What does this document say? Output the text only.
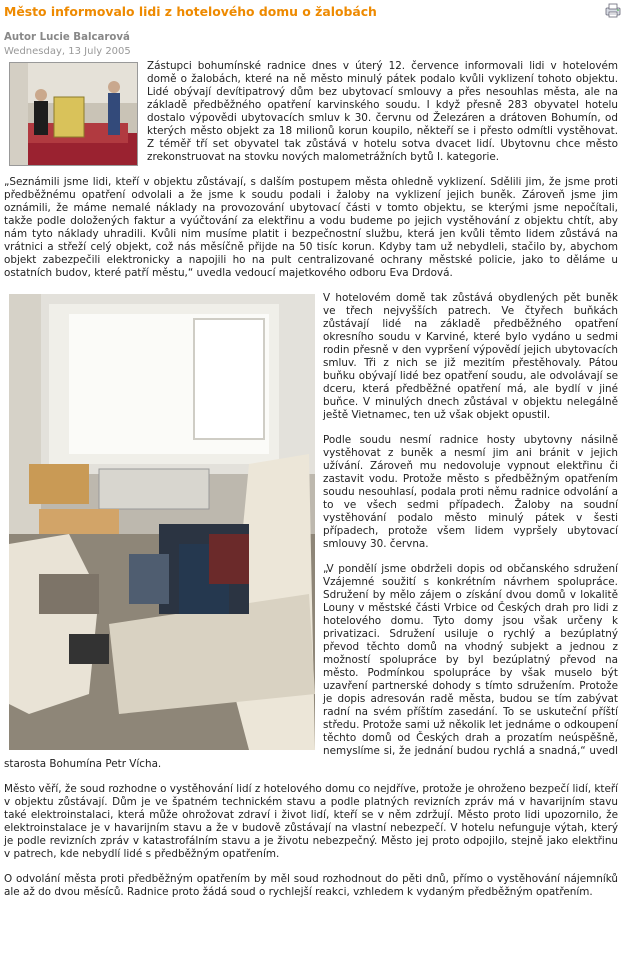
Město informovalo lidi z hotelového domu o žalobách
Autor Lucie Balcarová
Wednesday, 13 July 2005

Zástupci bohumínské radnice dnes v úterý 12. července informovali lidi v hotelovém domě o žalobách, které na ně město minulý pátek podalo kvůli vyklizení tohoto objektu. Lidé obývají devítipatrový dům bez ubytovací smlouvy a přes nesouhlas města, ale na základě předběžného opatření karvinského soudu. I když přesně 283 obyvatel hotelu dostalo výpovědi ubytovacích smluv k 30. červnu od Železáren a drátoven Bohumín, od kterých město objekt za 18 milionů korun koupilo, někteří se i přesto odmítli vystěhovat. Z téměř tří set obyvatel tak zůstává v hotelu sotva dvacet lidí. Ubytovnu chce město zrekonstruovat na stovku nových malometrážních bytů I. kategorie.

„Seznámili jsme lidi, kteří v objektu zůstávají, s dalším postupem města ohledně vyklizení. Sdělili jim, že jsme proti předběžnému opatření odvolali a že jsme k soudu podali i žaloby na vyklizení jejich buněk. Zároveň jsme jim oznámili, že máme nemalé náklady na provozování ubytovací části v tomto objektu, se kterými jsme nepočítali, takže podle doložených faktur a vyúčtování za elektřinu a vodu budeme po jejich vystěhování z objektu chtít, aby nám tyto náklady uhradili. Kvůli nim musíme platit i bezpečnostní službu, která jen kvůli těmto lidem zůstává na vrátnici a střeží celý objekt, což nás měsíčně přijde na 50 tisíc korun. Kdyby tam už nebydleli, stačilo by, abychom objekt zabezpečili elektronicky a napojili ho na pult centralizované ochrany městské policie, jako to děláme u ostatních budov, které patří městu,“ uvedla vedoucí majetkového odboru Eva Drdová.

V hotelovém domě tak zůstává obydlených pět buněk ve třech nejvyšších patrech. Ve čtyřech buňkách zůstávají lidé na základě předběžného opatření okresního soudu v Karviné, které bylo vydáno u sedmi rodin přesně v den vypršení výpovědí jejich ubytovacích smluv. Tři z nich se již mezitím přestěhovaly. Pátou buňku obývají lidé bez opatření soudu, ale odvolávají se dceru, která předběžné opatření má, ale bydlí v jiné buňce. V minulých dnech zůstával v objektu nelegálně ještě Vietnamec, ten už však objekt opustil.

Podle soudu nesmí radnice hosty ubytovny násilně vystěhovat z buněk a nesmí jim ani bránit v jejich užívání. Zároveň mu nedovoluje vypnout elektřinu či zastavit vodu. Protože město s předběžným opatřením soudu nesouhlasí, podala proti němu radnice odvolání a to ve všech sedmi případech. Žaloby na soudní vystěhování podalo město minulý pátek v šesti případech, protože všem lidem vypršely ubytovací smlouvy 30. června.

„V pondělí jsme obdrželi dopis od občanského sdružení Vzájemné soužití s konkrétním návrhem spolupráce. Sdružení by mělo zájem o získání dvou domů v lokalitě Louny v městské části Vrbice od Českých drah pro lidi z hotelového domu. Tyto domy jsou však určeny k privatizaci. Sdružení usiluje o rychlý a bezúplatný převod těchto domů na vhodný subjekt a jednou z možností spolupráce by byl bezúplatný převod na město. Podmínkou spolupráce by však muselo být uzavření partnerské dohody s tímto sdružením. Protože je dopis adresován radě města, budou se tím zabývat radní na svém příštím zasedání. To se uskuteční příští středu. Protože sami už několik let jednáme o odkoupení těchto domů od Českých drah a prozatím neúspěšně, nemyslíme si, že jednání budou rychlá a snadná,“ uvedl starosta Bohumína Petr Vícha.

Město věří, že soud rozhodne o vystěhování lidí z hotelového domu co nejdříve, protože je ohroženo bezpečí lidí, kteří v objektu zůstávají. Dům je ve špatném technickém stavu a podle platných revizních zpráv má v havarijním stavu také elektroinstalaci, která může ohrožovat zdraví i život lidí, kteří se v něm zdržují. Město proto lidi upozornilo, že elektroinstalace je v havarijním stavu a že v budově zůstávají na vlastní nebezpečí. V hotelu nefunguje výtah, který je podle revizních zpráv v katastrofálním stavu a je životu nebezpečný. Město jej proto odpojilo, stejně jako elektřinu v patrech, kde nebydlí lidé s předběžným opatřením.

O odvolání města proti předběžným opatřením by měl soud rozhodnout do pěti dnů, přímo o vystěhování nájemníků ale až do dvou měsíců. Radnice proto žádá soud o rychlejší reakci, vzhledem k vydaným předběžným opatřením.
